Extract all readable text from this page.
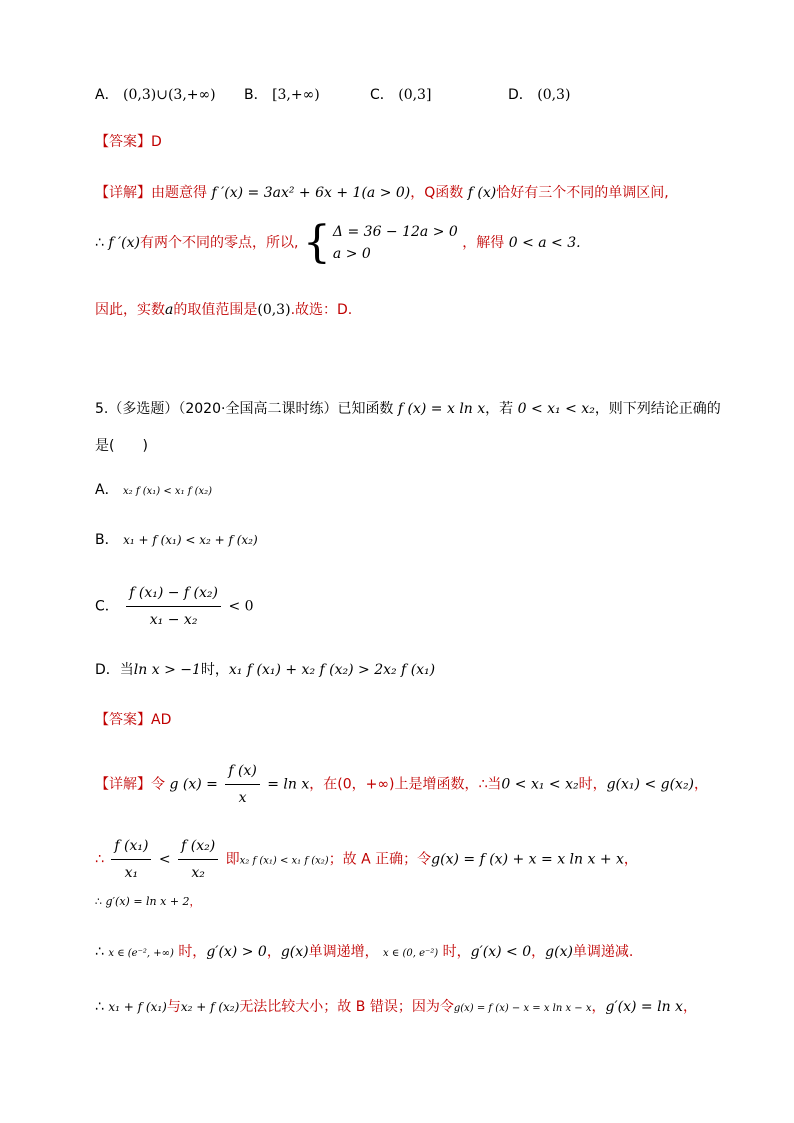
A． (0,3)∪(3,+∞) B． [3,+∞)	C． (0,3]	D． (0,3)
【答案】D
【详解】由题意得 f ′(x) = 3ax² + 6x + 1(a > 0)，Q函数 f (x)恰好有三个不同的单调区间,
∴ f ′(x)有两个不同的零点，所以, { Δ = 36 − 12a > 0
a > 0
，解得 0 < a < 3.
因此，实数a的取值范围是(0,3).故选：D.
5.（多选题）（2020·全国高二课时练）已知函数 f (x) = x ln x，若 0 < x₁ < x₂，则下列结论正确的
是(　　)
A． x₂ f (x₁) < x₁ f (x₂)
B． x₁ + f (x₁) < x₂ + f (x₂)
C． $\frac{\text{f (x₁) − f (x₂)}}{\text{x₁ − x₂}} < 0$
D．当ln x > −1时，x₁ f (x₁) + x₂ f (x₂) > 2x₂ f (x₁)
【答案】AD
【详解】令 g $(x) = \frac{f (x)}{x} = \ln x$，在(0，+∞)上是增函数，∴当0 < x₁ < x₂时，g(x₁) < g(x₂)，
∴ $\frac{\text{f (x₁)}}{\text{x₁}} < \frac{\text{f (x₂)}}{\text{x₂}}$ 即x₂ f (x₁) < x₁ f (x₂)；故 A 正确；令g(x) = f (x) + x = x ln x + x，
∴ g′(x) = ln x + 2，
∴ x ∈ (e⁻², +∞) 时，g′(x) > 0，g(x)单调递增， x ∈ (0, e⁻²) 时，g′(x) < 0，g(x)单调递减.
∴ x₁ + f (x₁)与x₂ + f (x₂)无法比较大小；故 B 错误；因为令g(x) = f (x) − x = x ln x − x，g′(x) = ln x，
